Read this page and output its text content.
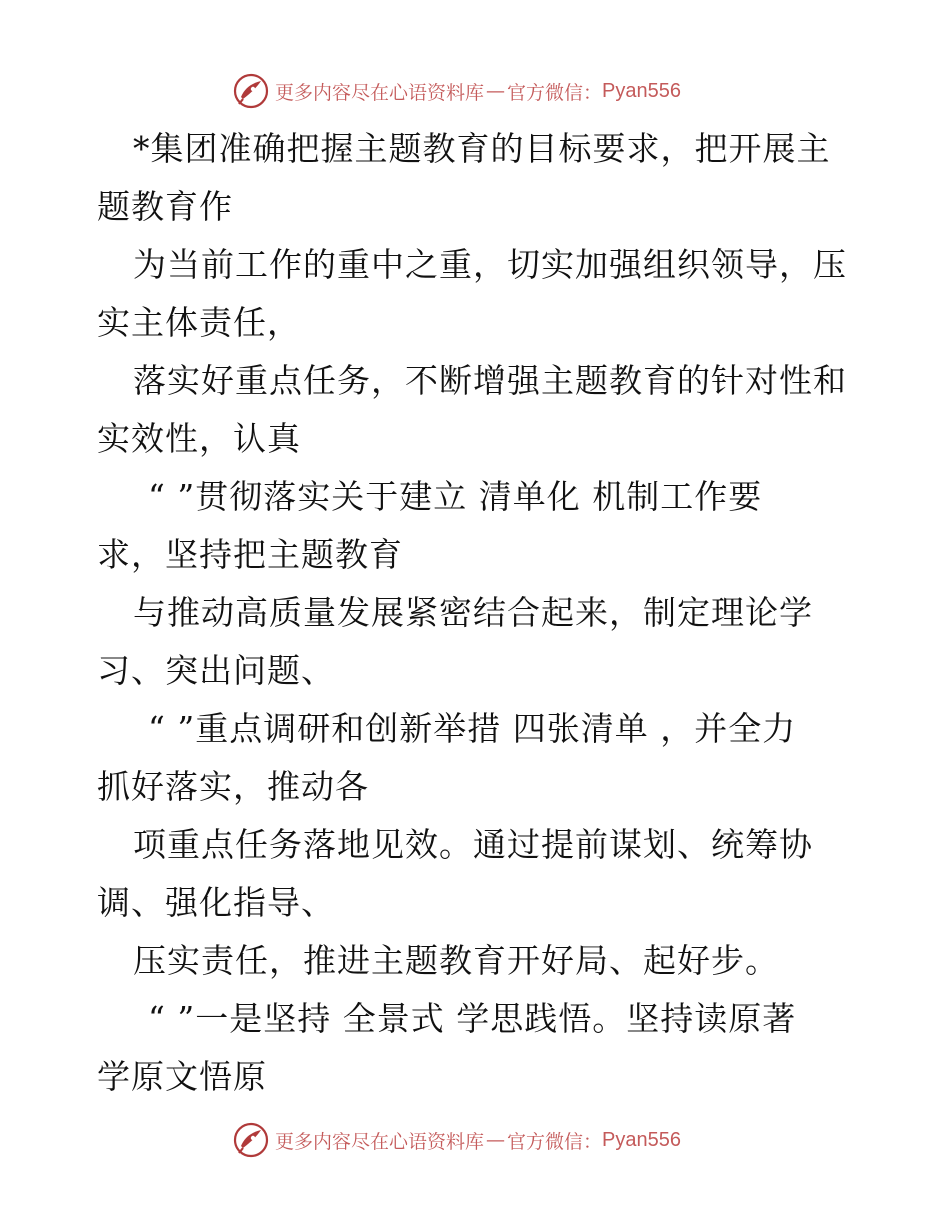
更多内容尽在心语资料库 — 官方微信： Pyan556
*集团准确把握主题教育的目标要求，把开展主
题教育作
为当前工作的重中之重，切实加强组织领导，压
实主体责任，
落实好重点任务，不断增强主题教育的针对性和
实效性，认真
“ ”贯彻落实关于建立 清单化 机制工作要
求，坚持把主题教育
与推动高质量发展紧密结合起来，制定理论学
习、突出问题、
“ ”重点调研和创新举措 四张清单 ，并全力
抓好落实，推动各
项重点任务落地见效。通过提前谋划、统筹协
调、强化指导、
压实责任，推进主题教育开好局、起好步。
“ ”一是坚持 全景式 学思践悟。坚持读原著
学原文悟原
更多内容尽在心语资料库 — 官方微信： Pyan556
